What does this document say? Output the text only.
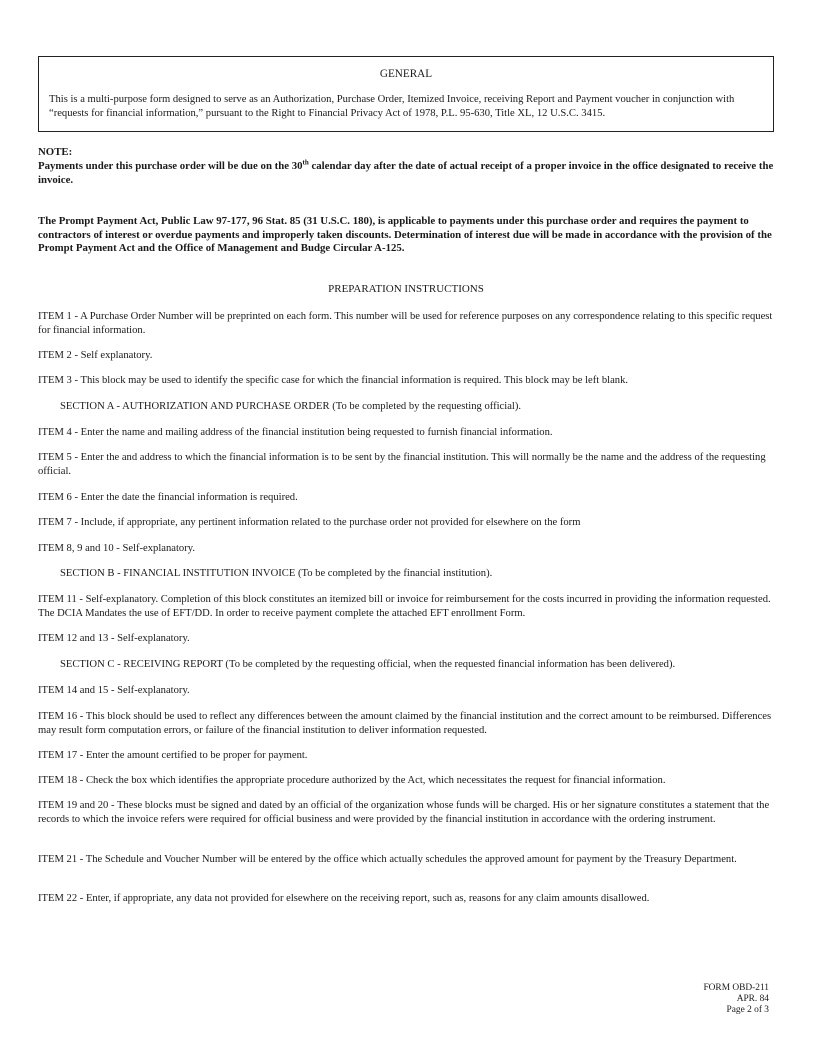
GENERAL
This is a multi-purpose form designed to serve as an Authorization, Purchase Order, Itemized Invoice, receiving Report and Payment voucher in conjunction with “requests for financial information,” pursuant to the Right to Financial Privacy Act of 1978, P.L. 95-630, Title XL, 12 U.S.C. 3415.
NOTE:
Payments under this purchase order will be due on the 30th calendar day after the date of actual receipt of a proper invoice in the office designated to receive the invoice.
The Prompt Payment Act, Public Law 97-177, 96 Stat. 85 (31 U.S.C. 180), is applicable to payments under this purchase order and requires the payment to contractors of interest or overdue payments and improperly taken discounts. Determination of interest due will be made in accordance with the provision of the Prompt Payment Act and the Office of Management and Budge Circular A-125.
PREPARATION INSTRUCTIONS
ITEM 1 - A Purchase Order Number will be preprinted on each form. This number will be used for reference purposes on any correspondence relating to this specific request for financial information.
ITEM 2 - Self explanatory.
ITEM 3 - This block may be used to identify the specific case for which the financial information is required. This block may be left blank.
SECTION A - AUTHORIZATION AND PURCHASE ORDER (To be completed by the requesting official).
ITEM 4 - Enter the name and mailing address of the financial institution being requested to furnish financial information.
ITEM 5 - Enter the and address to which the financial information is to be sent by the financial institution. This will normally be the name and the address of the requesting official.
ITEM 6 - Enter the date the financial information is required.
ITEM 7 - Include, if appropriate, any pertinent information related to the purchase order not provided for elsewhere on the form
ITEM 8, 9 and 10 - Self-explanatory.
SECTION B - FINANCIAL INSTITUTION INVOICE (To be completed by the financial institution).
ITEM 11 - Self-explanatory. Completion of this block constitutes an itemized bill or invoice for reimbursement for the costs incurred in providing the information requested. The DCIA Mandates the use of EFT/DD. In order to receive payment complete the attached EFT enrollment Form.
ITEM 12 and 13 - Self-explanatory.
SECTION C - RECEIVING REPORT (To be completed by the requesting official, when the requested financial information has been delivered).
ITEM 14 and 15 - Self-explanatory.
ITEM 16 - This block should be used to reflect any differences between the amount claimed by the financial institution and the correct amount to be reimbursed. Differences may result form computation errors, or failure of the financial institution to deliver information requested.
ITEM 17 - Enter the amount certified to be proper for payment.
ITEM 18 - Check the box which identifies the appropriate procedure authorized by the Act, which necessitates the request for financial information.
ITEM 19 and 20 - These blocks must be signed and dated by an official of the organization whose funds will be charged. His or her signature constitutes a statement that the records to which the invoice refers were required for official business and were provided by the financial institution in accordance with the ordering instrument.
ITEM 21 - The Schedule and Voucher Number will be entered by the office which actually schedules the approved amount for payment by the Treasury Department.
ITEM 22 - Enter, if appropriate, any data not provided for elsewhere on the receiving report, such as, reasons for any claim amounts disallowed.
FORM OBD-211
APR. 84
Page 2 of 3
